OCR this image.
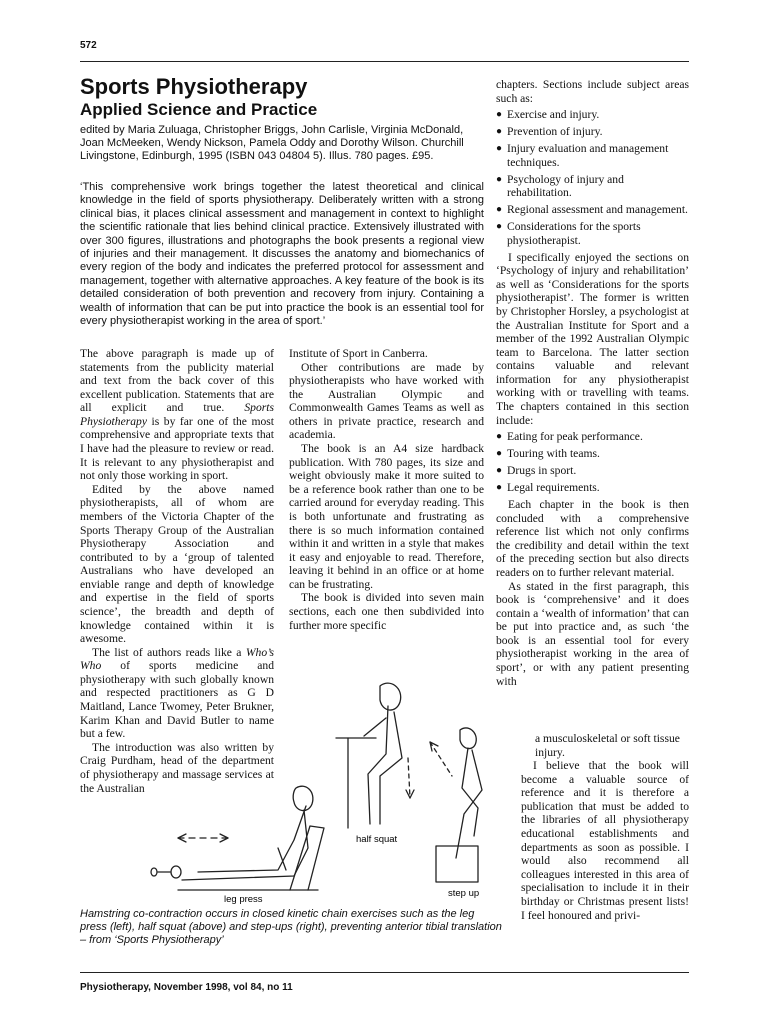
572
Sports Physiotherapy
Applied Science and Practice
edited by Maria Zuluaga, Christopher Briggs, John Carlisle, Virginia McDonald, Joan McMeeken, Wendy Nickson, Pamela Oddy and Dorothy Wilson. Churchill Livingstone, Edinburgh, 1995 (ISBN 043 04804 5). Illus. 780 pages. £95.
‘This comprehensive work brings together the latest theoretical and clinical knowledge in the field of sports physiotherapy. Deliberately written with a strong clinical bias, it places clinical assessment and management in context to highlight the scientific rationale that lies behind clinical practice. Extensively illustrated with over 300 figures, illustrations and photographs the book presents a regional view of injuries and their management. It discusses the anatomy and biomechanics of every region of the body and indicates the preferred protocol for assessment and management, together with alternative approaches. A key feature of the book is its detailed consideration of both prevention and recovery from injury. Containing a wealth of information that can be put into practice the book is an essential tool for every physiotherapist working in the area of sport.’

The above paragraph is made up of statements from the publicity material and text from the back cover of this excellent publication. Statements that are all explicit and true. Sports Physiotherapy is by far one of the most comprehensive and appropriate texts that I have had the pleasure to review or read. It is relevant to any physiotherapist and not only those working in sport.

Edited by the above named physiotherapists, all of whom are members of the Victoria Chapter of the Sports Therapy Group of the Australian Physiotherapy Association and contributed to by a ‘group of talented Australians who have developed an enviable range and depth of knowledge and expertise in the field of sports science’, the breadth and depth of knowledge contained within it is awesome.

The list of authors reads like a Who’s Who of sports medicine and physiotherapy with such globally known and respected practitioners as G D Maitland, Lance Twomey, Peter Brukner, Karim Khan and David Butler to name but a few.

The introduction was also written by Craig Purdham, head of the department of physiotherapy and massage services at the Australian

Institute of Sport in Canberra.

Other contributions are made by physiotherapists who have worked with the Australian Olympic and Commonwealth Games Teams as well as others in private practice, research and academia.

The book is an A4 size hardback publication. With 780 pages, its size and weight obviously make it more suited to be a reference book rather than one to be carried around for everyday reading. This is both unfortunate and frustrating as there is so much information contained within it and written in a style that makes it easy and enjoyable to read. Therefore, leaving it behind in an office or at home can be frustrating.

The book is divided into seven main sections, each one then subdivided into further more specific

chapters. Sections include subject areas such as:

● Exercise and injury.
● Prevention of injury.
● Injury evaluation and management techniques.
● Psychology of injury and rehabilitation.
● Regional assessment and management.
● Considerations for the sports physiotherapist.

I specifically enjoyed the sections on ‘Psychology of injury and rehabilitation’ as well as ‘Considerations for the sports physiotherapist’. The former is written by Christopher Horsley, a psychologist at the Australian Institute for Sport and a member of the 1992 Australian Olympic team to Barcelona. The latter section contains valuable and relevant information for any physiotherapist working with or travelling with teams. The chapters contained in this section include:

● Eating for peak performance.
● Touring with teams.
● Drugs in sport.
● Legal requirements.

Each chapter in the book is then concluded with a comprehensive reference list which not only confirms the credibility and detail within the text of the preceding section but also directs readers on to further relevant material.

As stated in the first paragraph, this book is ‘comprehensive’ and it does contain a ‘wealth of information’ that can be put into practice and, as such ‘the book is an essential tool for every physiotherapist working in the area of sport’, or with any patient presenting with

a musculoskeletal or soft tissue injury.

I believe that the book will become a valuable source of reference and it is therefore a publication that must be added to the libraries of all physiotherapy educational establishments and departments as soon as possible. I would also recommend all colleagues interested in this area of specialisation to include it in their birthday or Christmas present lists! I feel honoured and privi-

leg press
half squat
step up
Hamstring co-contraction occurs in closed kinetic chain exercises such as the leg press (left), half squat (above) and step-ups (right), preventing anterior tibial translation – from ‘Sports Physiotherapy’
Physiotherapy, November 1998, vol 84, no 11
